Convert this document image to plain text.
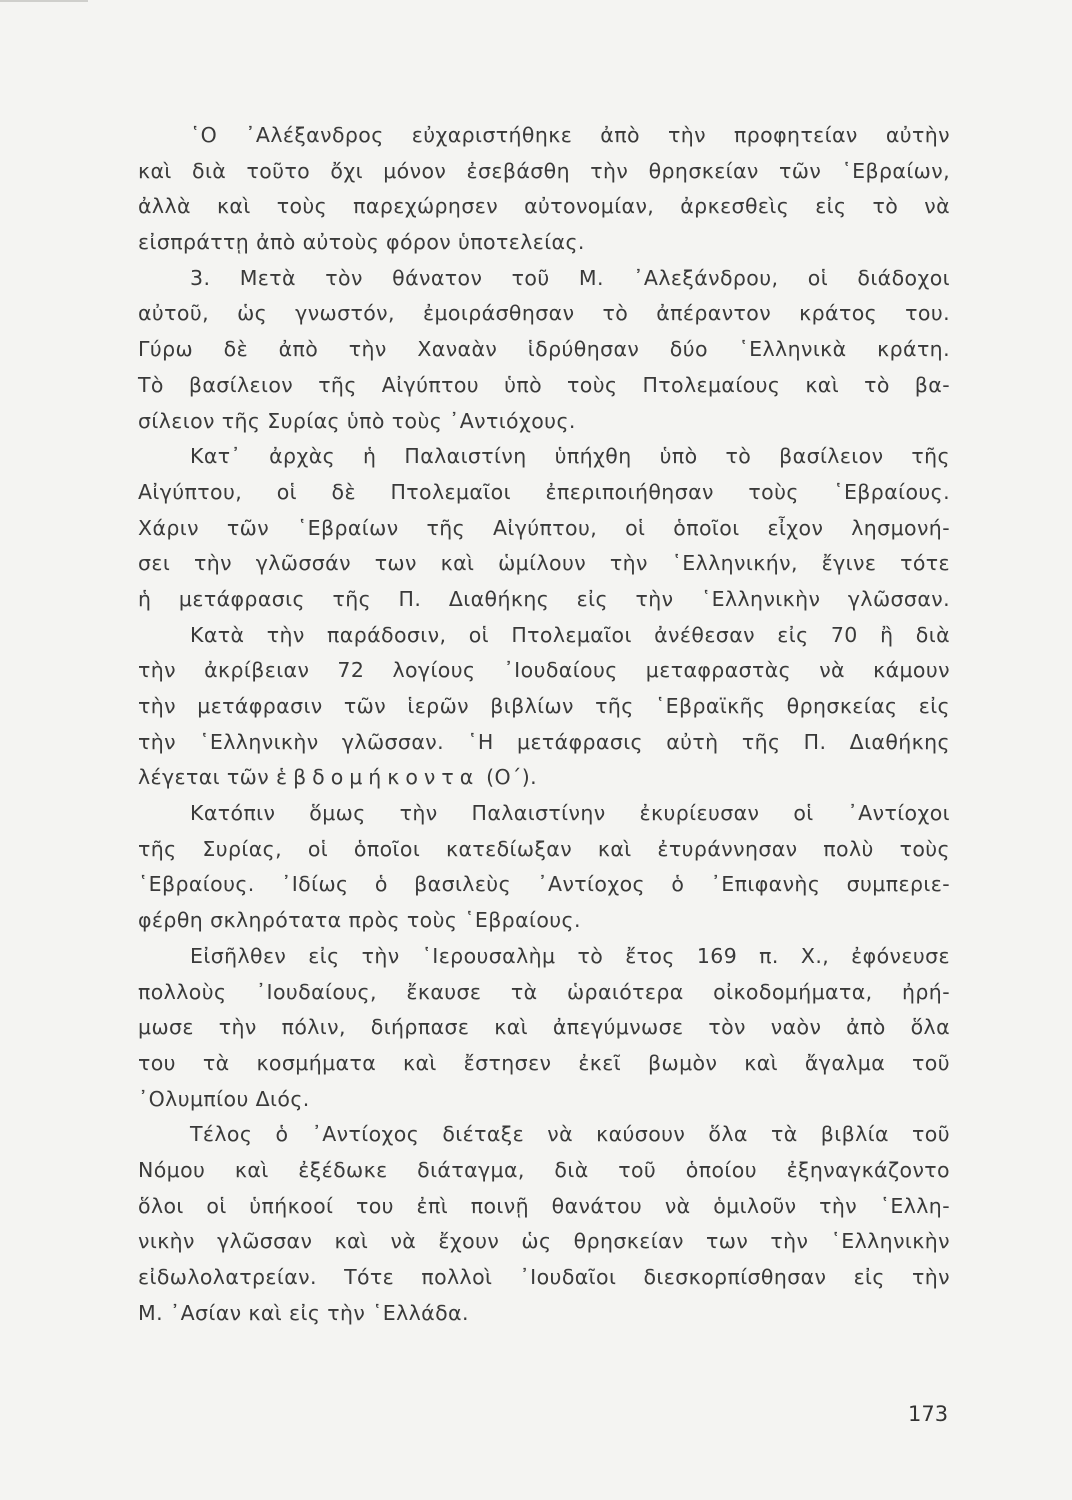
῾Ο ᾿Αλέξανδρος εὐχαριστήθηκε ἀπὸ τὴν προφητείαν αὐτὴν
καὶ διὰ τοῦτο ὄχι μόνον ἐσεβάσθη τὴν θρησκείαν τῶν ῾Εβραίων,
ἀλλὰ καὶ τοὺς παρεχώρησεν αὐτονομίαν, ἀρκεσθεὶς εἰς τὸ νὰ
εἰσπράττῃ ἀπὸ αὐτοὺς φόρον ὑποτελείας.
3. Μετὰ τὸν θάνατον τοῦ Μ. ᾿Αλεξάνδρου, οἱ διάδοχοι
αὐτοῦ, ὡς γνωστόν, ἐμοιράσθησαν τὸ ἀπέραντον κράτος του.
Γύρω δὲ ἀπὸ τὴν Χαναὰν ἱδρύθησαν δύο ῾Ελληνικὰ κράτη.
Τὸ βασίλειον τῆς Αἰγύπτου ὑπὸ τοὺς Πτολεμαίους καὶ τὸ βα-
σίλειον τῆς Συρίας ὑπὸ τοὺς ᾿Αντιόχους.
Κατ᾿ ἀρχὰς ἡ Παλαιστίνη ὑπήχθη ὑπὸ τὸ βασίλειον τῆς
Αἰγύπτου, οἱ δὲ Πτολεμαῖοι ἐπεριποιήθησαν τοὺς ῾Εβραίους.
Χάριν τῶν ῾Εβραίων τῆς Αἰγύπτου, οἱ ὁποῖοι εἶχον λησμονή-
σει τὴν γλῶσσάν των καὶ ὡμίλουν τὴν ῾Ελληνικήν, ἔγινε τότε
ἡ μετάφρασις τῆς Π. Διαθήκης εἰς τὴν ῾Ελληνικὴν γλῶσσαν.
Κατὰ τὴν παράδοσιν, οἱ Πτολεμαῖοι ἀνέθεσαν εἰς 70 ἢ διὰ
τὴν ἀκρίβειαν 72 λογίους ᾿Ιουδαίους μεταφραστὰς νὰ κάμουν
τὴν μετάφρασιν τῶν ἱερῶν βιβλίων τῆς ῾Εβραϊκῆς θρησκείας εἰς
τὴν ῾Ελληνικὴν γλῶσσαν. ῾Η μετάφρασις αὐτὴ τῆς Π. Διαθήκης
λέγεται τῶν ἑβδομήκοντα (Ο΄).
Κατόπιν ὅμως τὴν Παλαιστίνην ἐκυρίευσαν οἱ ᾿Αντίοχοι
τῆς Συρίας, οἱ ὁποῖοι κατεδίωξαν καὶ ἐτυράννησαν πολὺ τοὺς
῾Εβραίους. ᾿Ιδίως ὁ βασιλεὺς ᾿Αντίοχος ὁ ᾿Επιφανὴς συμπεριε-
φέρθη σκληρότατα πρὸς τοὺς ῾Εβραίους.
Εἰσῆλθεν εἰς τὴν ῾Ιερουσαλὴμ τὸ ἔτος 169 π. Χ., ἐφόνευσε
πολλοὺς ᾿Ιουδαίους, ἔκαυσε τὰ ὡραιότερα οἰκοδομήματα, ἠρή-
μωσε τὴν πόλιν, διήρπασε καὶ ἀπεγύμνωσε τὸν ναὸν ἀπὸ ὅλα
του τὰ κοσμήματα καὶ ἔστησεν ἐκεῖ βωμὸν καὶ ἄγαλμα τοῦ
᾿Ολυμπίου Διός.
Τέλος ὁ ᾿Αντίοχος διέταξε νὰ καύσουν ὅλα τὰ βιβλία τοῦ
Νόμου καὶ ἐξέδωκε διάταγμα, διὰ τοῦ ὁποίου ἐξηναγκάζοντο
ὅλοι οἱ ὑπήκοοί του ἐπὶ ποινῇ θανάτου νὰ ὁμιλοῦν τὴν ῾Ελλη-
νικὴν γλῶσσαν καὶ νὰ ἔχουν ὡς θρησκείαν των τὴν ῾Ελληνικὴν
εἰδωλολατρείαν. Τότε πολλοὶ ᾿Ιουδαῖοι διεσκορπίσθησαν εἰς τὴν
Μ. ᾿Ασίαν καὶ εἰς τὴν ῾Ελλάδα.
173
